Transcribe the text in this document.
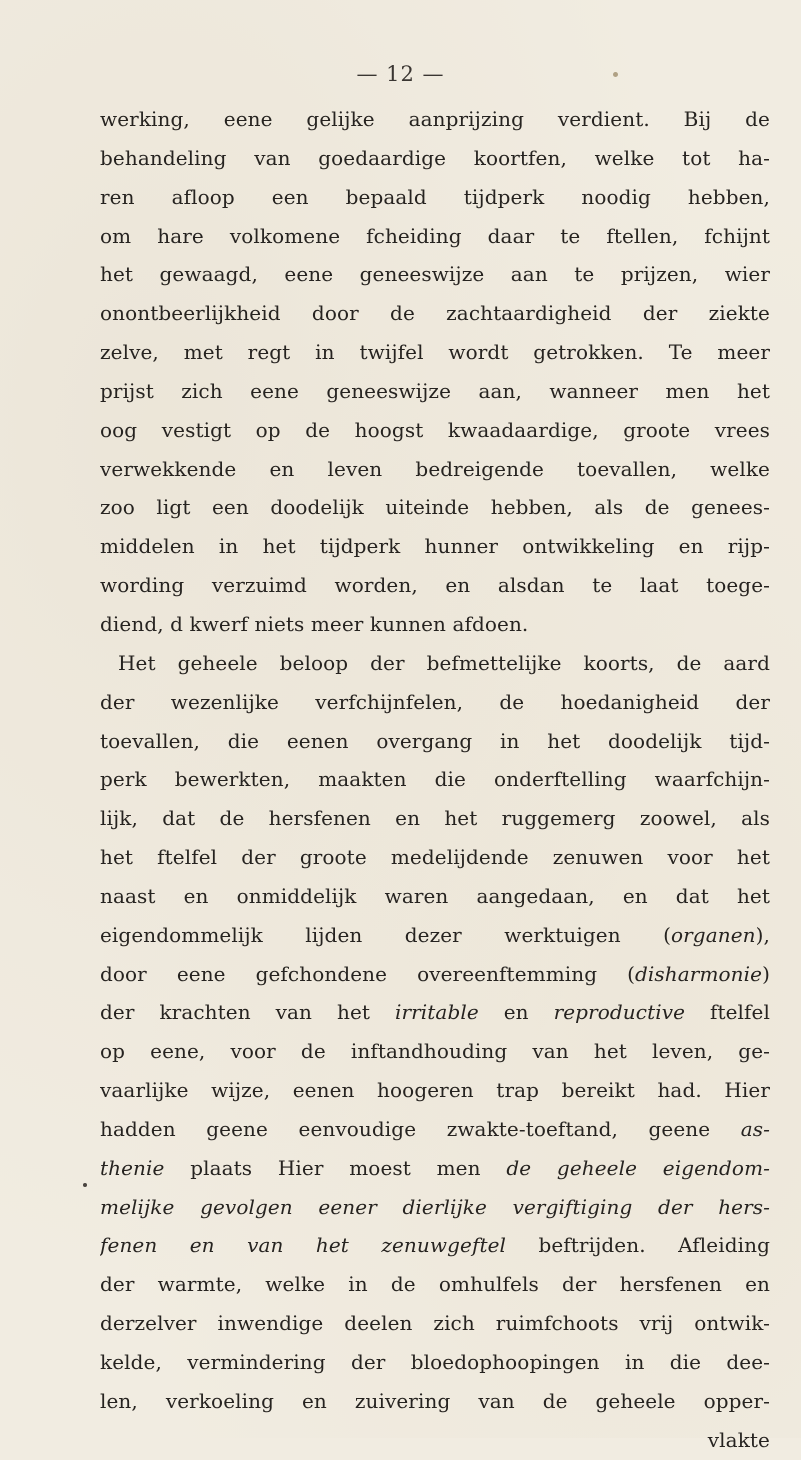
— 12 —
werking, eene gelijke aanprijzing verdient. Bij de
behandeling van goedaardige koortfen, welke tot ha-
ren afloop een bepaald tijdperk noodig hebben,
om hare volkomene fcheiding daar te ftellen, fchijnt
het gewaagd, eene geneeswijze aan te prijzen, wier
onontbeerlijkheid door de zachtaardigheid der ziekte
zelve, met regt in twijfel wordt getrokken. Te meer
prijst zich eene geneeswijze aan, wanneer men het
oog vestigt op de hoogst kwaadaardige, groote vrees
verwekkende en leven bedreigende toevallen, welke
zoo ligt een doodelijk uiteinde hebben, als de genees-
middelen in het tijdperk hunner ontwikkeling en rijp-
wording verzuimd worden, en alsdan te laat toege-
diend, d kwerf niets meer kunnen afdoen.
Het geheele beloop der befmettelijke koorts, de aard
der wezenlijke verfchijnfelen, de hoedanigheid der
toevallen, die eenen overgang in het doodelijk tijd-
perk bewerkten, maakten die onderftelling waarfchijn-
lijk, dat de hersfenen en het ruggemerg zoowel, als
het ftelfel der groote medelijdende zenuwen voor het
naast en onmiddelijk waren aangedaan, en dat het
eigendommelijk lijden dezer werktuigen (organen),
door eene gefchondene overeenftemming (disharmonie)
der krachten van het irritable en reproductive ftelfel
op eene, voor de inftandhouding van het leven, ge-
vaarlijke wijze, eenen hoogeren trap bereikt had. Hier
hadden geene eenvoudige zwakte-toeftand, geene as-
thenie plaats Hier moest men de geheele eigendom-
melijke gevolgen eener dierlijke vergiftiging der hers-
fenen en van het zenuwgeftel beftrijden. Afleiding
der warmte, welke in de omhulfels der hersfenen en
derzelver inwendige deelen zich ruimfchoots vrij ontwik-
kelde, vermindering der bloedophoopingen in die dee-
len, verkoeling en zuivering van de geheele opper-
vlakte
